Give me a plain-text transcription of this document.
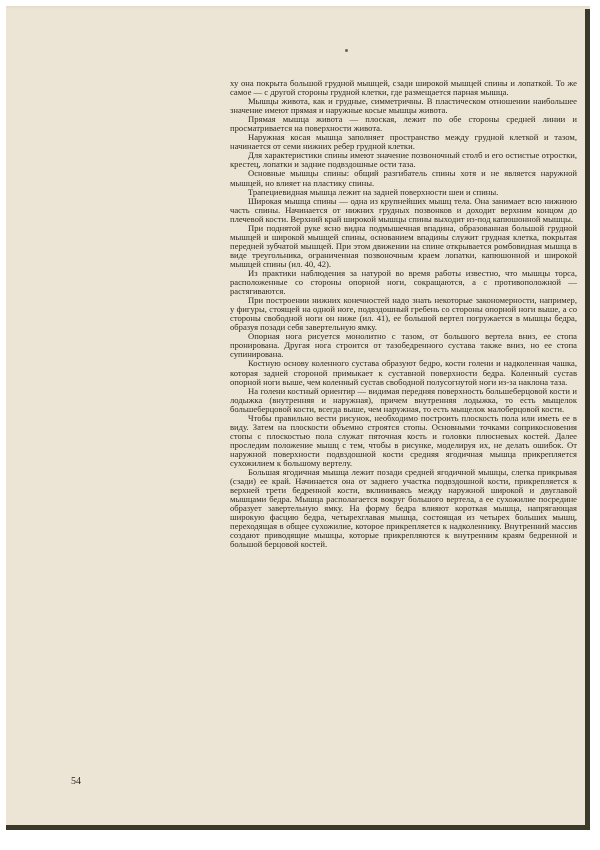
ху она покрыта большой грудной мышцей, сзади широкой мышцей спины и лопаткой. То же самое — с другой стороны грудной клетки, где размещается парная мышца.

Мышцы живота, как и грудные, симметричны. В пластическом отношении наибольшее значение имеют прямая и наружные косые мышцы живота.

Прямая мышца живота — плоская, лежит по обе стороны средней линии и просматривается на поверхности живота.

Наружная косая мышца заполняет пространство между грудной клеткой и тазом, начинается от семи нижних ребер грудной клетки.

Для характеристики спины имеют значение позвоночный столб и его остистые отростки, крестец, лопатки и задние подвздошные ости таза.

Основные мышцы спины: общий разгибатель спины хотя и не является наружной мышцей, но влияет на пластику спины.

Трапециевидная мышца лежит на задней поверхности шеи и спины.

Широкая мышца спины — одна из крупнейших мышц тела. Она занимает всю нижнюю часть спины. Начинается от нижних грудных позвонков и доходит верхним концом до плечевой кости. Верхний край широкой мышцы спины выходит из-под капюшонной мышцы.

При поднятой руке ясно видна подмышечная впадина, образованная большой грудной мышцей и широкой мышцей спины, основанием впадины служит грудная клетка, покрытая передней зубчатой мышцей. При этом движении на спине открывается ромбовидная мышца в виде треугольника, ограниченная позвоночным краем лопатки, капюшонной и широкой мышцей спины (ил. 40, 42).

Из практики наблюдения за натурой во время работы известно, что мышцы торса, расположенные со стороны опорной ноги, сокращаются, а с противоположной — растягиваются.

При построении нижних конечностей надо знать некоторые закономерности, например, у фигуры, стоящей на одной ноге, подвздошный гребень со стороны опорной ноги выше, а со стороны свободной ноги он ниже (ил. 41), ее большой вертел погружается в мышцы бедра, образуя позади себя завертельную ямку.

Опорная нога рисуется монолитно с тазом, от большого вертела вниз, ее стопа пронирована. Другая нога строится от тазобедренного сустава также вниз, но ее стопа супинирована.

Костную основу коленного сустава образуют бедро, кости голени и надколенная чашка, которая задней стороной примыкает к суставной поверхности бедра. Коленный сустав опорной ноги выше, чем коленный сустав свободной полусогнутой ноги из-за наклона таза.

На голени костный ориентир — видимая передняя поверхность большеберцовой кости и лодыжка (внутренняя и наружная), причем внутренняя лодыжка, то есть мыщелок большеберцовой кости, всегда выше, чем наружная, то есть мыщелок малоберцовой кости.

Чтобы правильно вести рисунок, необходимо построить плоскость пола или иметь ее в виду. Затем на плоскости объемно строятся стопы. Основными точками соприкосновения стопы с плоскостью пола служат пяточная кость и головки плюсневых костей. Далее проследим положение мышц с тем, чтобы в рисунке, моделируя их, не делать ошибок. От наружной поверхности подвздошной кости средняя ягодичная мышца прикрепляется сухожилием к большому вертелу.

Большая ягодичная мышца лежит позади средней ягодичной мышцы, слегка прикрывая (сзади) ее край. Начинается она от заднего участка подвздошной кости, прикрепляется к верхней трети бедренной кости, вклиниваясь между наружной широкой и двуглавой мышцами бедра. Мышца располагается вокруг большого вертела, а ее сухожилие посредине образует завертельную ямку. На форму бедра влияют короткая мышца, напрягающая широкую фасцию бедра, четырехглавая мышца, состоящая из четырех больших мышц, переходящая в общее сухожилие, которое прикрепляется к надколеннику. Внутренний массив создают приводящие мышцы, которые прикрепляются к внутренним краям бедренной и большой берцовой костей.

54
